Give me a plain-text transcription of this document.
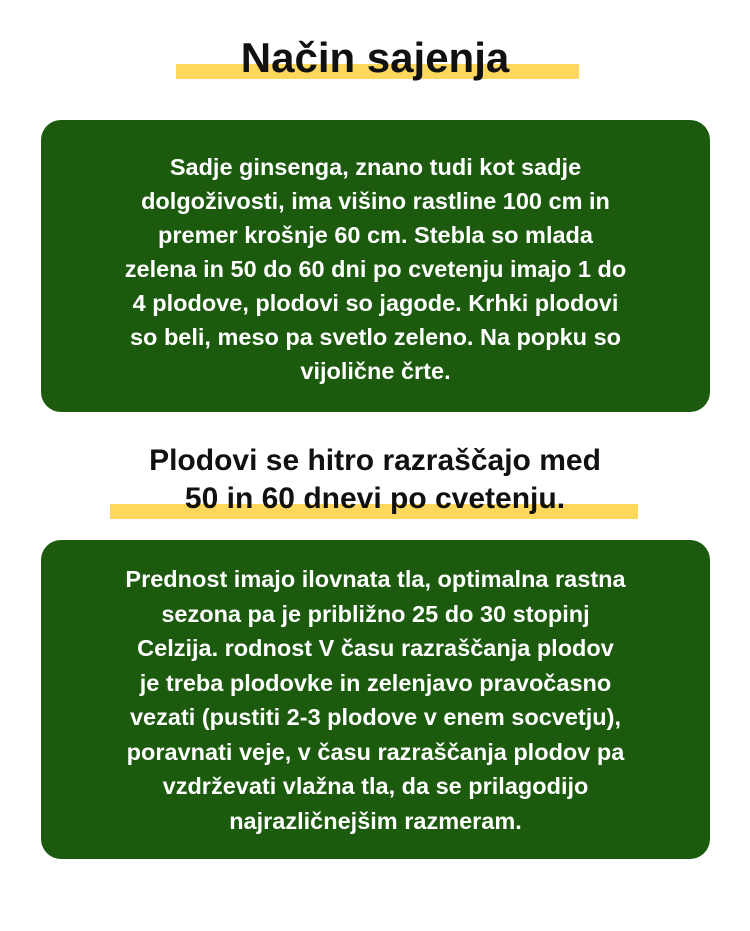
Način sajenja

Sadje ginsenga, znano tudi kot sadje

dolgoživosti, ima višino rastline 100 cm in

premer krošnje 60 cm. Stebla so mlada

zelena in 50 do 60 dni po cvetenju imajo 1 do

4 plodove, plodovi so jagode. Krhki plodovi

so beli, meso pa svetlo zeleno. Na popku so

vijolične črte.

Plodovi se hitro razraščajo med
50 in 60 dnevi po cvetenju.

Prednost imajo ilovnata tla, optimalna rastna

sezona pa je približno 25 do 30 stopinj

Celzija. rodnost V času razraščanja plodov

je treba plodovke in zelenjavo pravočasno

vezati (pustiti 2-3 plodove v enem socvetju),

poravnati veje, v času razraščanja plodov pa

vzdrževati vlažna tla, da se prilagodijo

najrazličnejšim razmeram.
